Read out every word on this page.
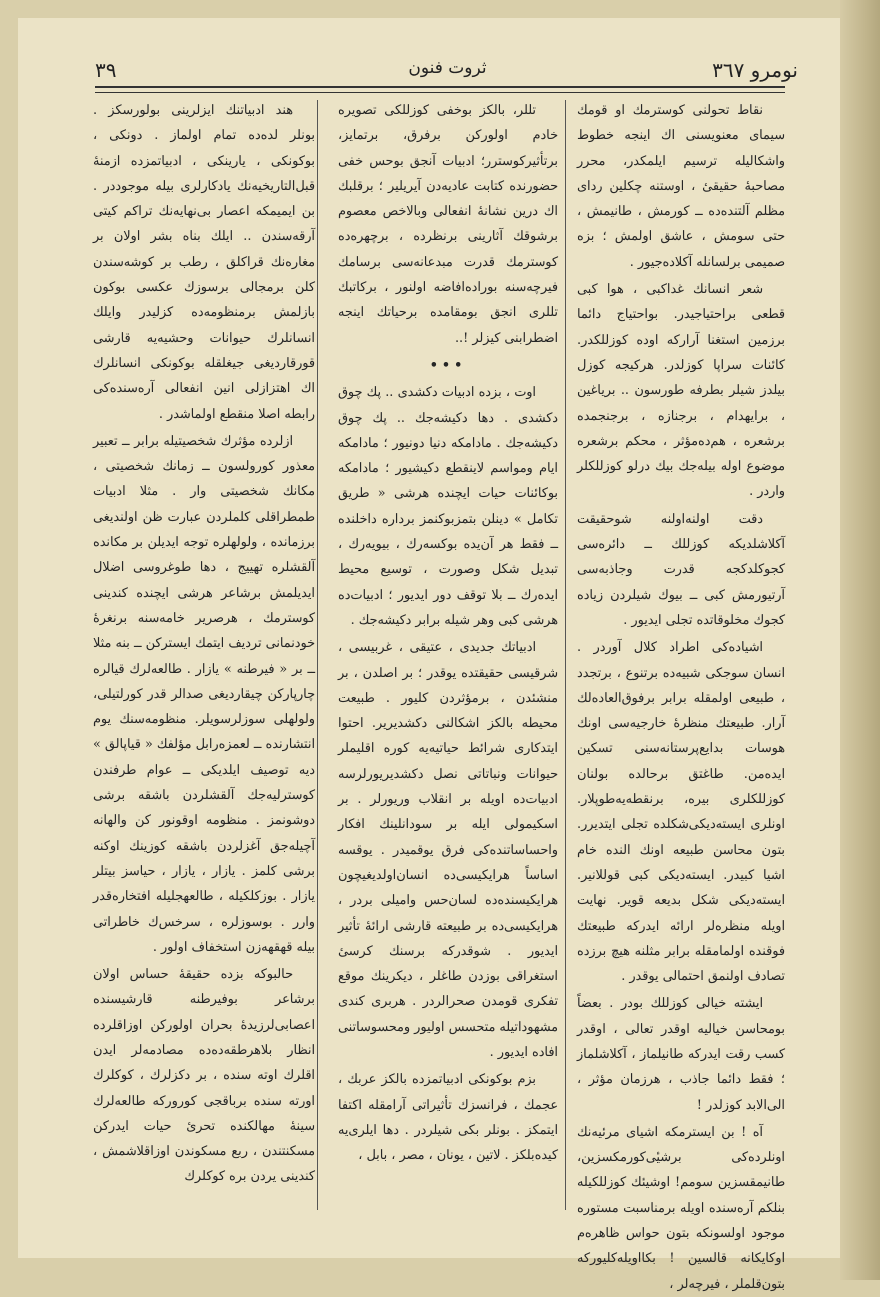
نومرو ۳٦٧
ثروت فنون
۳۹

نقاط تحولنی کوسترمك او قومك سیمای معنویسنی اك اینجه خطوط واشکالیله ترسیم ایلمکدر، محرر مصاحبهٔ حقیقیٔ ، اوستنه چکلین ردای مظلم آلتنده‌ده ــ کورمش ، طانیمش ، حتی سومش ، عاشق اولمش ؛ بزه صمیمی برلسانله آکلاده‌جیور .

شعر انسانك غداکبی ، هوا کبی قطعی براحتیاجیدر. بواحتیاج دائما برزمین استغنا آرارکه اوده کوزللکدر. کائنات سراپا کوزلدر. هرکیجه کوزل بیلدز شیلر بطرفه طورسون .. بریاغین ، برایهدام ، برجنازه ، برجنجمده برشعره ، هم‌ده‌مؤثر ، محکم برشعره موضوع اوله بیله‌جك بیك درلو کوزللکلر واردر .

دقت اولنه‌اولنه شوحقیقت آکلاشلدیکه کوزللك ــ دائره‌سی کجوکلدکجه قدرت وجاذبه‌سی آرتیورمش کبی ــ بیوك شیلردن زیاده کجوك مخلوقاتده تجلی ایدیور .

اشیاده‌کی اطراد کلال آوردر . انسان سوجکی شبیه‌ده برتنوع ، برتجدد ، طبیعی اولمقله برابر برفوق‌العاده‌لك آرار. طبیعتك منظرهٔ خارجیه‌سی اونك هوسات بدایع‌پرستانه‌سنی تسکین ایده‌من. طاغتق برحالده بولنان کوزللکلری بیره، برنقطه‌یه‌طوپلار. اونلری ایسته‌دیکی‌شکلده تجلی ایتدیرر. بتون محاسن طبیعه اونك النده خام اشیا کبیدر. ایسته‌دیکی کبی قوللانیر. ایسته‌دیکی شکل بدیعه قویر. نهایت اویله منظره‌لر ارائه ایدرکه طبیعتك فوقنده اولمامقله برابر مثلنه هیچ برزده تصادف اولنمق احتمالی یوقدر .

ایشته خیالی کوزللك بودر . بعضاً بومحاسن خیالیه اوقدر تعالی ، اوقدر کسب رقت ایدرکه طانیلماز ، آکلاشلماز ؛ فقط دائما جاذب ، هرزمان مؤثر ، الی‌الابد کوزلدر !

آه ! بن ایسترمکه اشیای مرئیه‌نك اونلرده‌کی برشیٔی‌کورمکسزین، طانیمقسزین سومم! اوشیئك کوزللکیله بنلکم آره‌سنده اویله برمناسبت مستوره موجود اولسونکه بتون حواس ظاهره‌م اوکایکانه قالسین ! بکااویله‌کلیورکه بتون‌قلملر ، فیرچه‌لر ،

تللر، بالکز بوخفی کوزللکی تصویره خادم اولورکن برفرق، برتمایز، برتأثیرکوسترر؛ ادبیات آنجق بوحس خفی حضورنده کتابت عادیه‌دن آیریلیر ؛ برقلبك اك درین نشانهٔ انفعالی وبالاخص معصوم برشوقك آثارینی برنظرده ، برچهره‌ده کوسترمك قدرت مبدعانه‌سی برسامك فیرچه‌سنه بوراده‌افاضه اولنور ، برکاتبك تللری انجق بومقامده برحیاتك اینجه اضطرابنی کیزلر !..

•••

اوت ، بزده ادبیات دکشدی .. پك چوق دکشدی . دها دکیشه‌جك .. پك چوق دکیشه‌جك . مادامکه دنیا دونیور ؛ مادامکه ایام ومواسم لاینقطع دکیشیور ؛ مادامکه بوکائنات حیات ایچنده هرشی « طریق تکامل » دینلن بتمزبوکنمز برداره داخلنده ــ فقط هر آن‌یده بوکسه‌رك ، بیویه‌رك ، تبدیل شکل وصورت ، توسیع محیط ایده‌رك ــ بلا توقف دور ایدیور ؛ ادبیات‌ده هرشی کبی وهر شیله برابر دکیشه‌جك .

ادبیاتك جدیدی ، عتیقی ، غربیسی ، شرقیسی حقیقتده یوقدر ؛ بر اصلدن ، بر منشئدن ، برمؤثردن کلیور . طبیعت محیطه بالکز اشکالنی دکشدیریر. احتوا ایتدکاری شرائط حیاتیه‌یه کوره اقلیملر حیوانات ونباتاتی نصل دکشدیریورلرسه ادبیات‌ده اویله بر انقلاب وریورلر . بر اسکیمولی ایله بر سودانلینك افکار واحساساتنده‌کی فرق یوقمیدر . یوقسه اساساً هرایکیسی‌ده انسان‌اولدیغیچون هرایکیسنده‌ده لسان‌حس وامیلی بردر ، هرایکیسی‌ده بر طبیعته قارشی ارائهٔ تأثیر ایدیور . شوقدرکه برسنك کرسیٔ استغراقی بوزدن طاغلر ، دیکرینك موقع تفکری قومدن صحرالردر . هربری کندی مشهوداتیله متحسس اولیور ومحسوساتنی افاده ایدیور .

بزم بوکونکی ادبیاتمزده بالکز عربك ، عجمك ، فرانسزك تأثیراتی آرامقله اکتفا ایتمکز . بونلر بکی شیلردر . دها ایلری‌یه کیده‌بلکز . لاتین ، یونان ، مصر ، بابل ،

هند ادبیاتنك ایزلرینی بولورسکز . بونلر لده‌ده تمام اولماز . دونکی ، بوکونکی ، یارینکی ، ادبیاتمزده ازمنهٔ قبل‌التاریخیه‌نك یادکارلری بیله موجوددر . بن ایمیمکه اعصار بی‌نهایه‌نك تراکم کیتی آرقه‌سندن .. ایلك بناه بشر اولان بر مغاره‌نك قراکلق ، رطب بر کوشه‌سندن کلن برمجالی برسوزك عکسی بوکون بازلمش برمنظومه‌ده کزلیدر وایلك انسانلرك حیوانات وحشیه‌یه قارشی قورقاردیغی جیغلقله بوکونکی انسانلرك اك اهتزازلی انین انفعالی آره‌سنده‌کی رابطه اصلا منقطع اولماشدر .

ازلرده مؤثرك شخصیتیله برابر ــ تعبیر معذور کورولسون ــ زمانك شخصیتی ، مکانك شخصیتی وار . مثلا ادبیات طمطراقلی کلملردن عبارت ظن اولندیغی برزمانده ، ولولهلره توجه ایدیلن بر مکانده آلقشلره تهییج ، دها طوغروسی اضلال ایدیلمش برشاعر هرشی ایچنده کندینی کوسترمك ، هرصریر خامه‌سنه برنغرهٔ خودنمانی تردیف ایتمك ایستركن ــ بنه مثلا ــ بر « فیرطنه » یازار . طالعه‌لرك قیالره چارپارکن چیقاردیغی صدالر قدر کورلتیلی، ولولهلی سوزلرسویلر. منظومه‌سنك یوم انتشارنده ــ لعمزه‌رابل مؤلفك « قیاپالق » دیه توصیف ایلدیکی ــ عوام طرفندن کوسترلیه‌جك آلقشلردن باشقه برشی دوشونمز . منظومه اوقونور کن والهانه آچیله‌جق آغزلردن باشقه کوزینك اوکنه برشی کلمز . یازار ، یازار ، حیاسز بیتلر یازار . بوزکلکیله ، طالعهجلیله افتخاره‌قدر وارر . بوسوزلره ، سرخس‌ك خاطراتی بیله قهقهه‌زن استخفاف اولور .

حالبوکه بزده حقیقهٔ حساس اولان برشاعر بوفیرطنه قارشیسنده اعصابی‌لرزیدهٔ بحران اولورکن اوزاقلرده انظار بلاهرطقه‌ده‌ده مصادمه‌لر ایدن اقلرك اوته سنده ، بر دکزلرك ، کوکلرك اورته سنده برباقجی کورورکه طالعه‌لرك سینهٔ مهالکنده تحریٔ حیات ایدرکن مسکنتندن ، ربع مسکوندن اوزاقلاشمش ، کندینی یردن بره کوکلرك
